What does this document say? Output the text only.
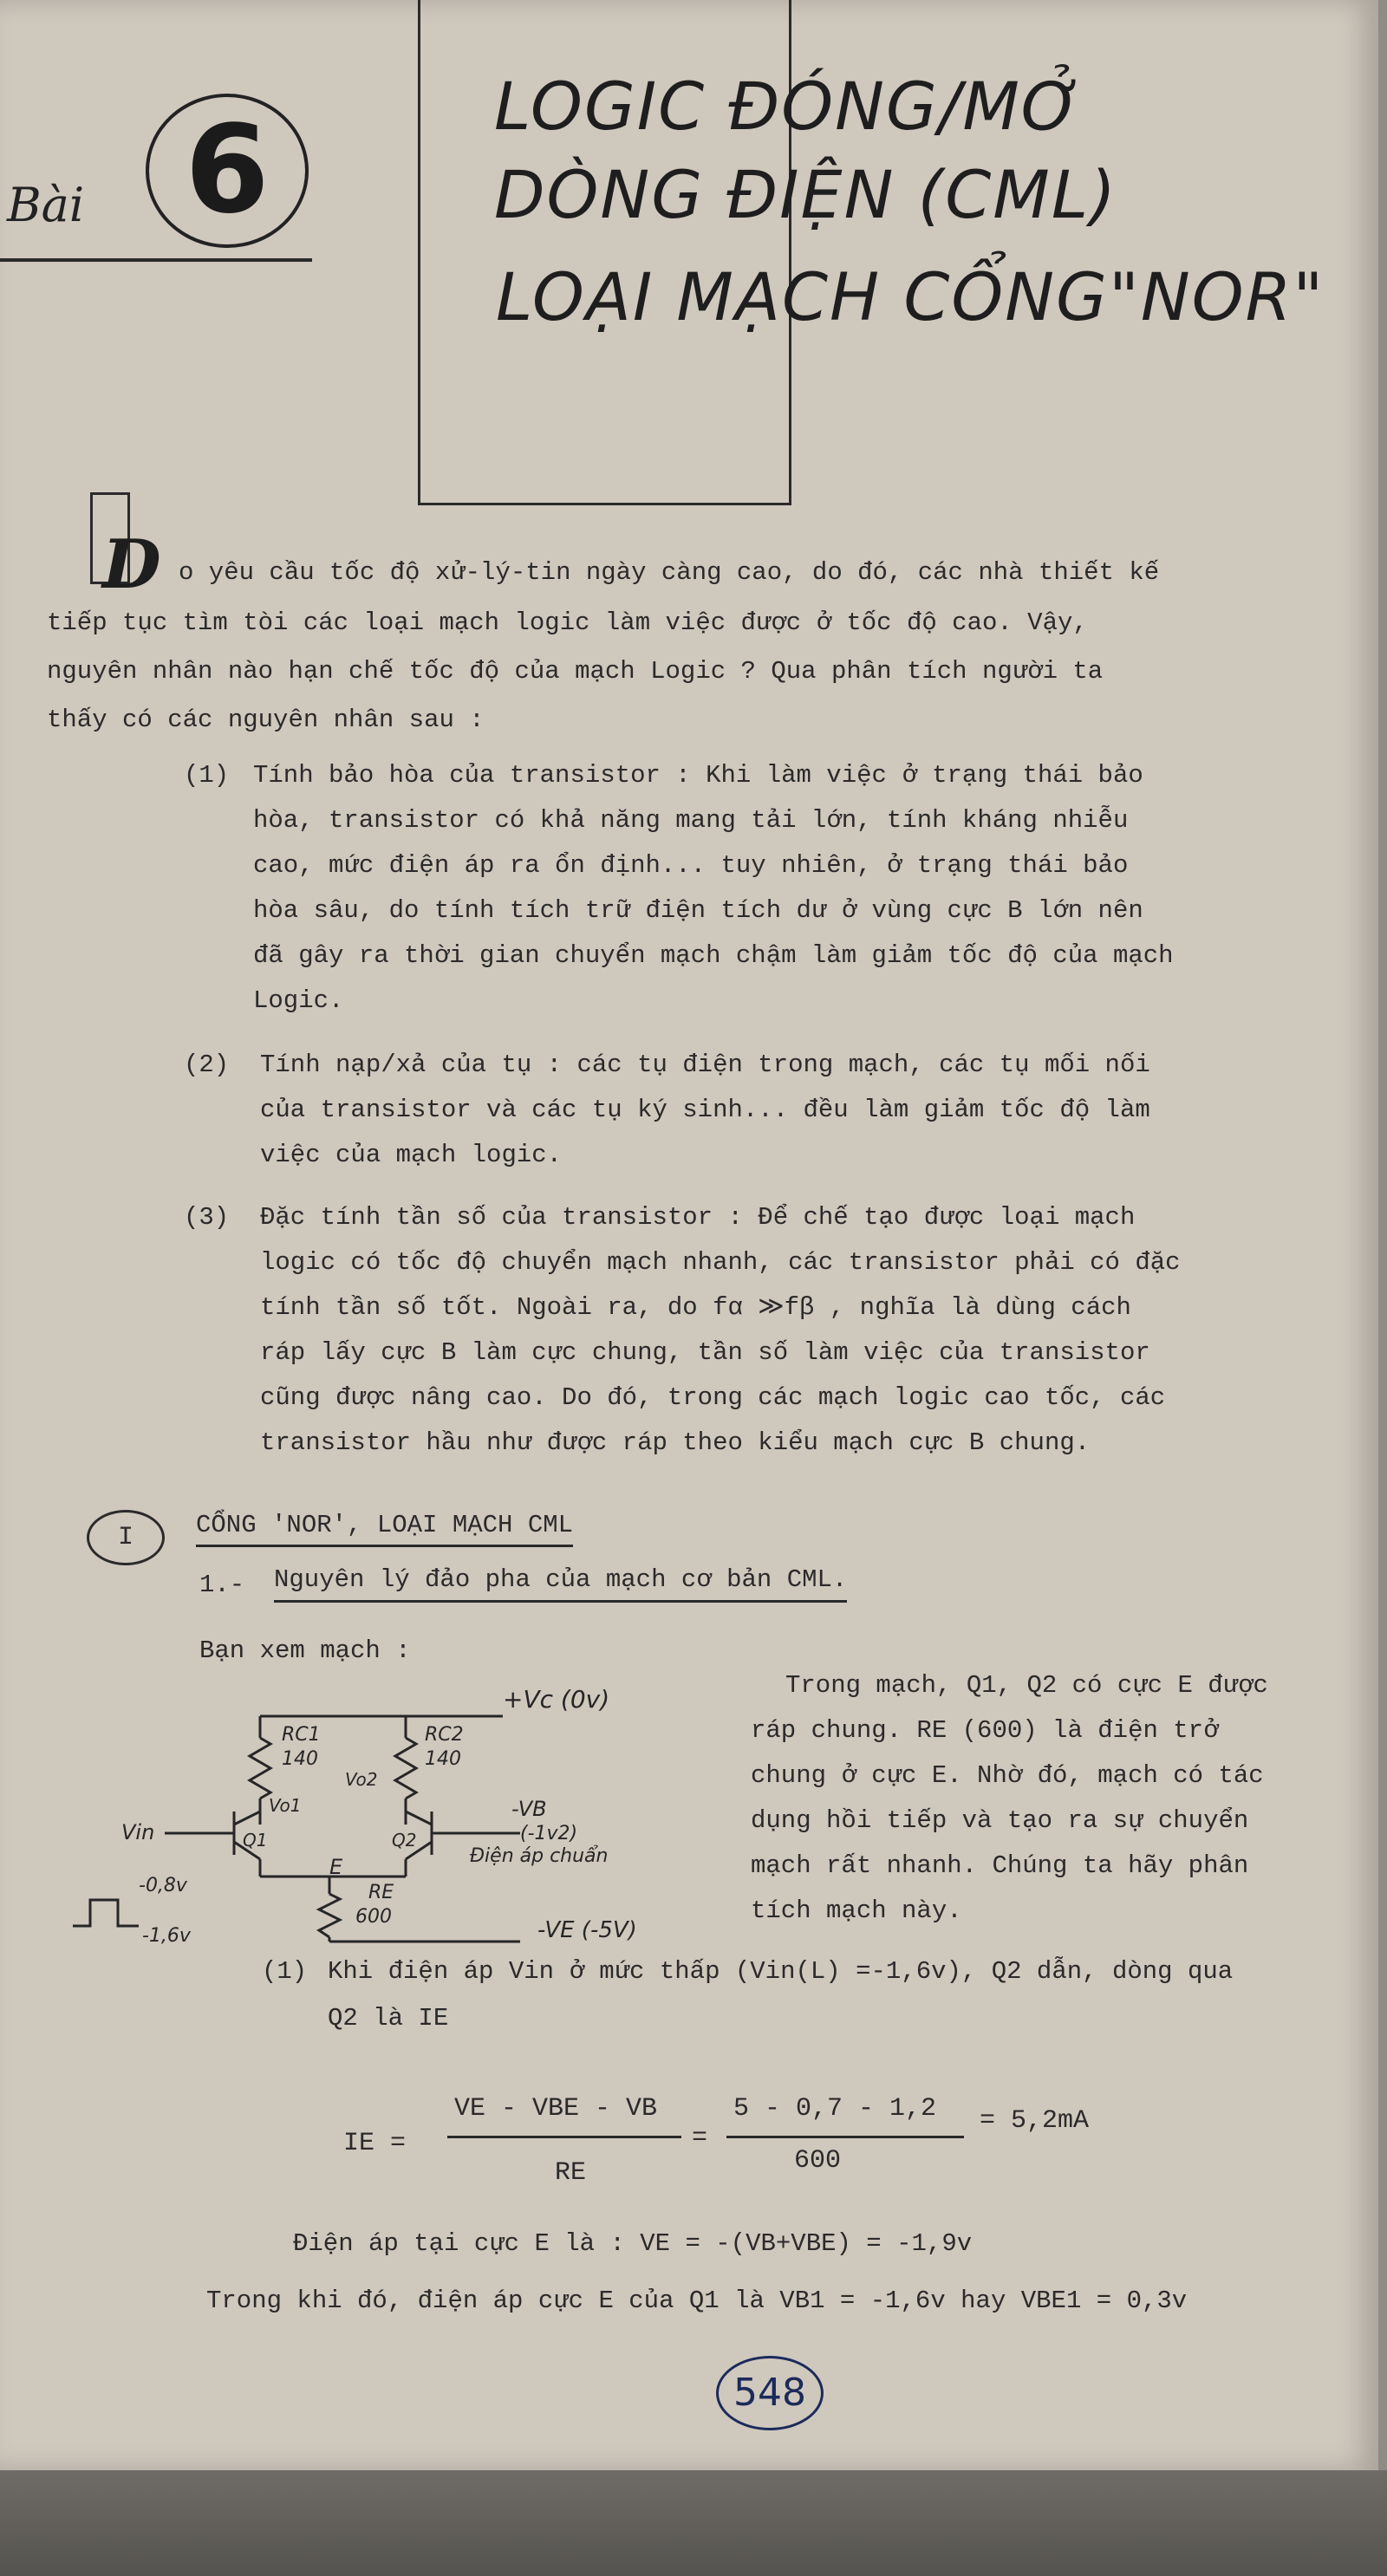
Bài 6	LOGIC ĐÓNG/MỞ
DÒNG ĐIỆN (CML)
LOẠI MẠCH CỔNG"NOR"
D o yêu cầu tốc độ xử-lý-tin ngày càng cao, do đó, các nhà thiết kế
tiếp tục tìm tòi các loại mạch logic làm việc được ở tốc độ cao. Vậy,
nguyên nhân nào hạn chế tốc độ của mạch Logic ? Qua phân tích người ta
thấy có các nguyên nhân sau :
(1) Tính bảo hòa của transistor : Khi làm việc ở trạng thái bảo
hòa, transistor có khả năng mang tải lớn, tính kháng nhiễu
cao, mức điện áp ra ổn định... tuy nhiên, ở trạng thái bảo
hòa sâu, do tính tích trữ điện tích dư ở vùng cực B lớn nên
đã gây ra thời gian chuyển mạch chậm làm giảm tốc độ của mạch
Logic.
(2) Tính nạp/xả của tụ : các tụ điện trong mạch, các tụ mối nối
của transistor và các tụ ký sinh... đều làm giảm tốc độ làm
việc của mạch logic.
(3) Đặc tính tần số của transistor : Để chế tạo được loại mạch
logic có tốc độ chuyển mạch nhanh, các transistor phải có đặc
tính tần số tốt. Ngoài ra, do fα ≫fβ , nghĩa là dùng cách
ráp lấy cực B làm cực chung, tần số làm việc của transistor
cũng được nâng cao. Do đó, trong các mạch logic cao tốc, các
transistor hầu như được ráp theo kiểu mạch cực B chung.
I	CỔNG 'NOR', LOẠI MẠCH CML
1.- Nguyên lý đảo pha của mạch cơ bản CML.
Bạn xem mạch :
Trong mạch, Q1, Q2 có cực E được
ráp chung. RE (600) là điện trở
chung ở cực E. Nhờ đó, mạch có tác
dụng hồi tiếp và tạo ra sự chuyển
mạch rất nhanh. Chúng ta hãy phân
tích mạch này.
+Vc (0v)
RC1
140
RC2
140
Vo1
Vo2
Q1
Vin	Q2
-VB
(-1v2)
Điện áp chuẩn
E
RE
600
-VE (-5V)
-0,8v
-1,6v
(1) Khi điện áp Vin ở mức thấp (Vin(L) =-1,6v), Q2 dẫn, dòng qua
Q2 là IE
IE =
VE - VBE - VB
RE
=
5 - 0,7 - 1,2
600
= 5,2mA
Điện áp tại cực E là : VE = -(VB+VBE) = -1,9v
Trong khi đó, điện áp cực E của Q1 là VB1 = -1,6v hay VBE1 = 0,3v
548
